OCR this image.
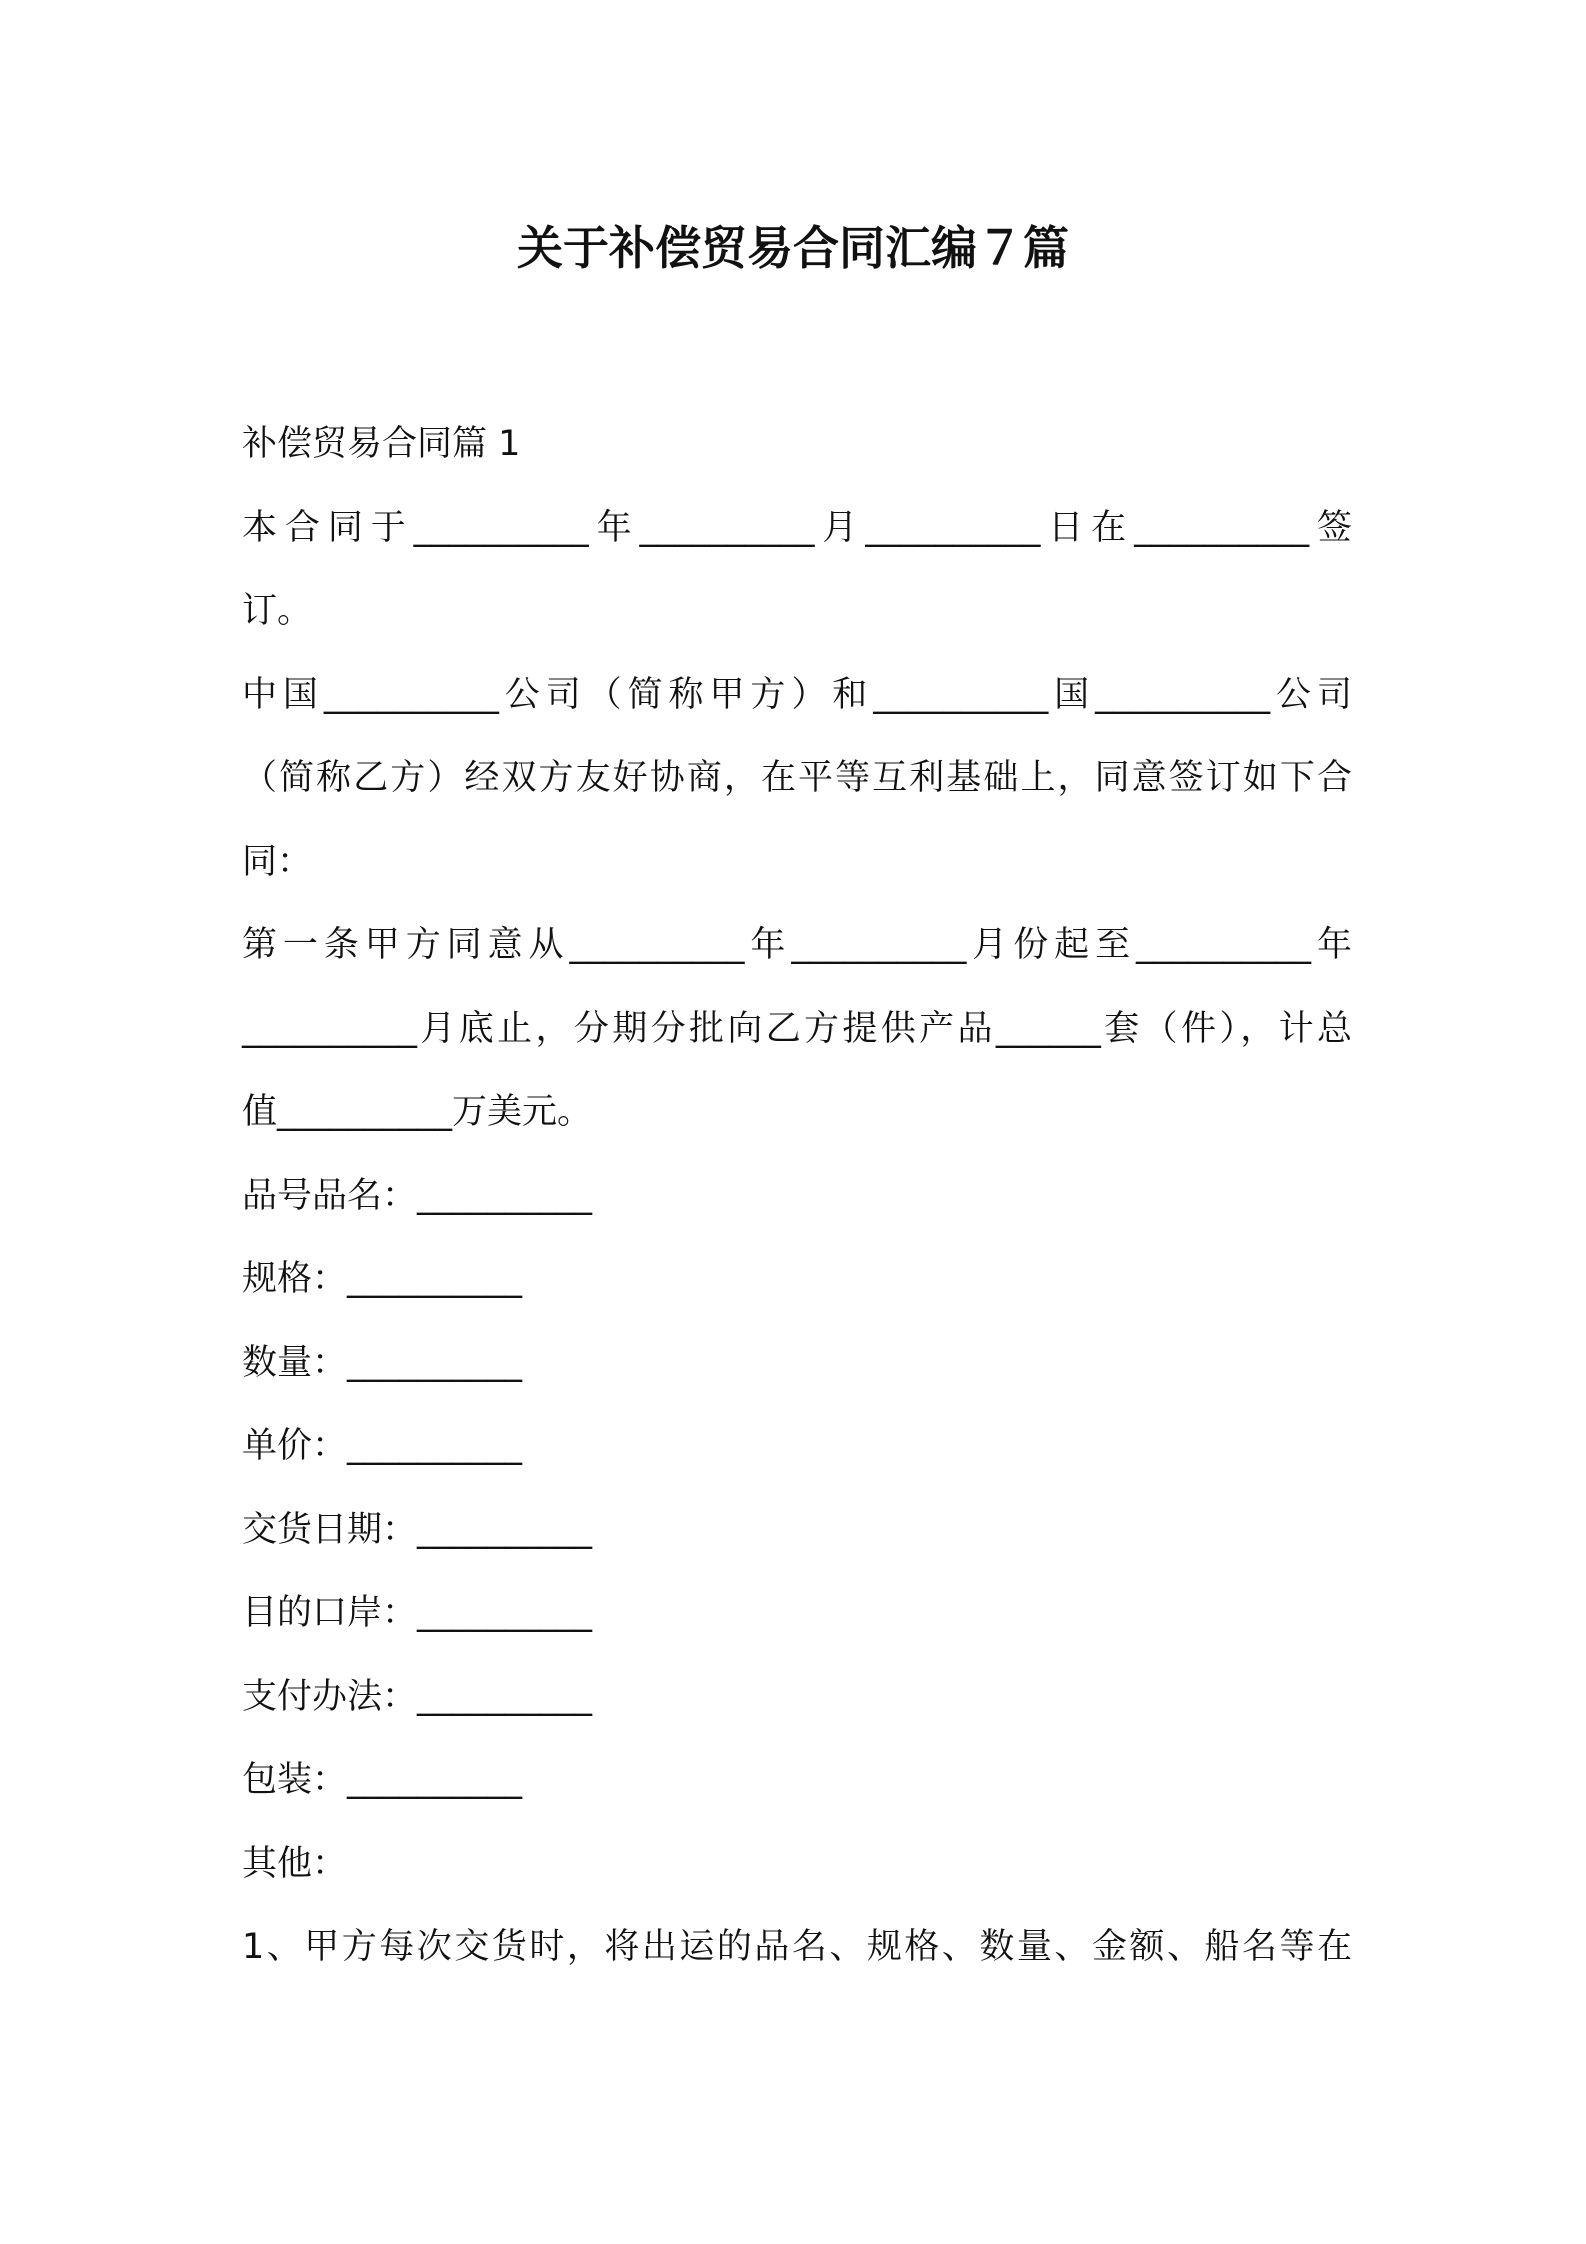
关于补偿贸易合同汇编７篇
补偿贸易合同篇 1
本合同于__________年__________月__________日在__________签
订。
中国__________公司（简称甲方）和__________国__________公司
（简称乙方）经双方友好协商，在平等互利基础上，同意签订如下合
同：
第一条甲方同意从__________年__________月份起至__________年
__________月底止，分期分批向乙方提供产品______套（件），计总
值__________万美元。
品号品名：__________
规格：__________
数量：__________
单价：__________
交货日期：__________
目的口岸：__________
支付办法：__________
包装：__________
其他：
1、甲方每次交货时，将出运的品名、规格、数量、金额、船名等在
